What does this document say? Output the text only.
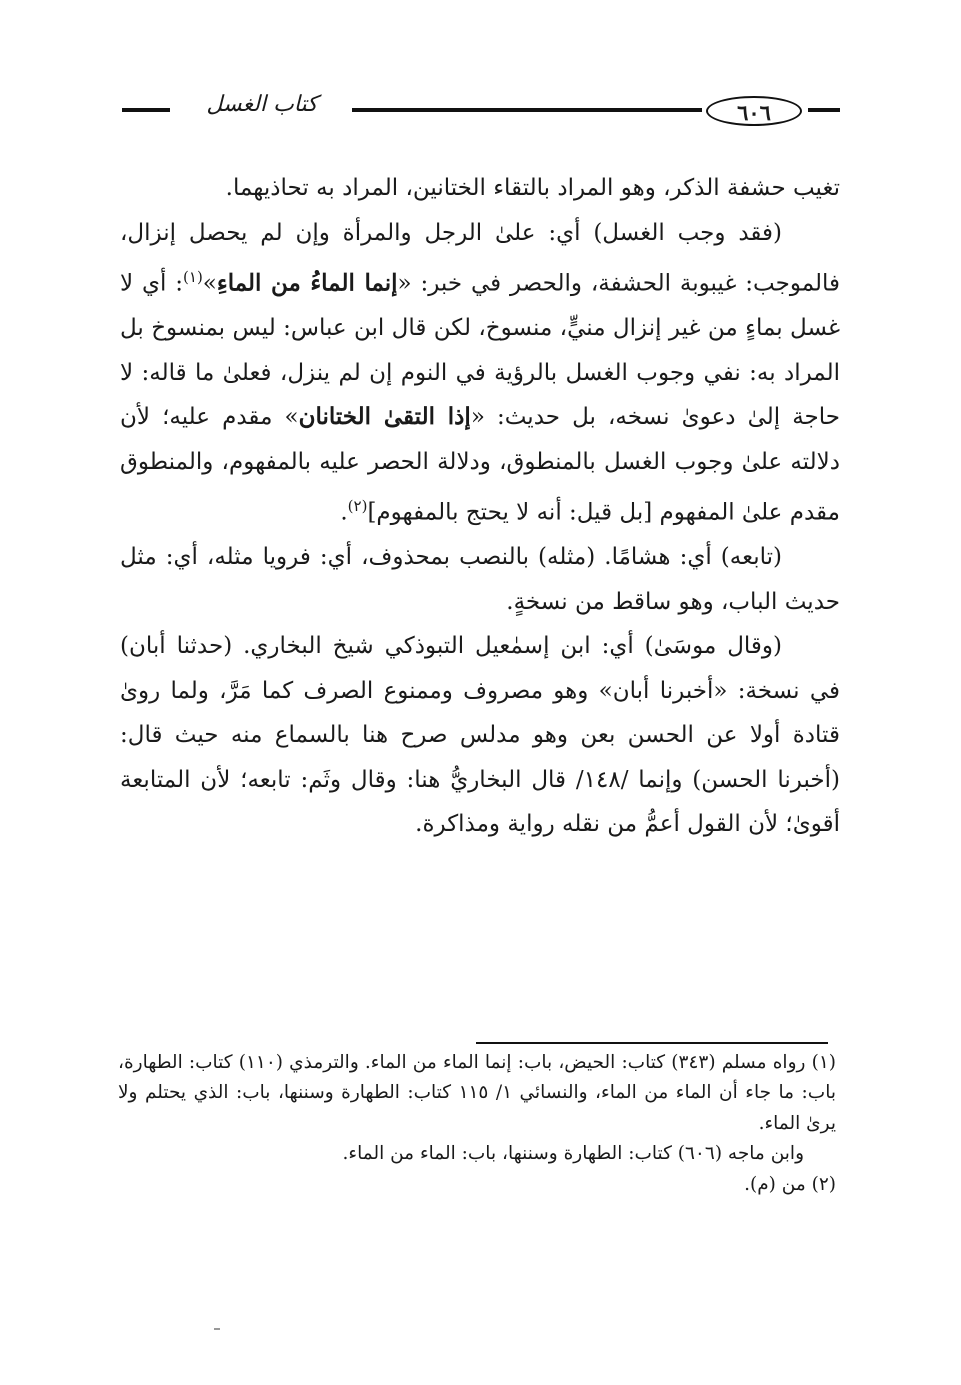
كتاب الغسل	٦٠٦

تغيب حشفة الذكر، وهو المراد بالتقاء الختانين، المراد به تحاذيهما.

(فقد وجب الغسل) أي: علىٰ الرجل والمرأة وإن لم يحصل إنزال، فالموجب: غيبوبة الحشفة، والحصر في خبر: «إنما الماءُ من الماءِ»$^{(١)}$: أي لا غسل بماءٍ من غير إنزال منيٍّ، منسوخ، لكن قال ابن عباس: ليس بمنسوخ بل المراد به: نفي وجوب الغسل بالرؤية في النوم إن لم ينزل، فعلىٰ ما قاله: لا حاجة إلىٰ دعوىٰ نسخه، بل حديث: «إذا التقىٰ الختانان» مقدم عليه؛ لأن دلالته علىٰ وجوب الغسل بالمنطوق، ودلالة الحصر عليه بالمفهوم، والمنطوق مقدم علىٰ المفهوم [بل قيل: أنه لا يحتج بالمفهوم]$^{(٢)}$.

(تابعه) أي: هشامًا. (مثله) بالنصب بمحذوف، أي: فرويا مثله، أي: مثل حديث الباب، وهو ساقط من نسخةٍ.

(وقال موسَىٰ) أي: ابن إسمٰعيل التبوذكي شيخ البخاري. (حدثنا أبان) في نسخة: «أخبرنا أبان» وهو مصروف وممنوع الصرف كما مَرَّ، ولما روىٰ قتادة أولا عن الحسن بعن وهو مدلس صرح هنا بالسماع منه حيث قال: (أخبرنا الحسن) وإنما /١٤٨/ قال البخاريُّ هنا: وقال وثَم: تابعه؛ لأن المتابعة أقوىٰ؛ لأن القول أعمُّ من نقله رواية ومذاكرة.

(١) رواه مسلم (٣٤٣) كتاب: الحيض، باب: إنما الماء من الماء. والترمذي (١١٠) كتاب: الطهارة، باب: ما جاء أن الماء من الماء، والنسائي ١/ ١١٥ كتاب: الطهارة وسننها، باب: الذي يحتلم ولا يرىٰ الماء.

وابن ماجه (٦٠٦) كتاب: الطهارة وسننها، باب: الماء من الماء.

(٢) من (م).
